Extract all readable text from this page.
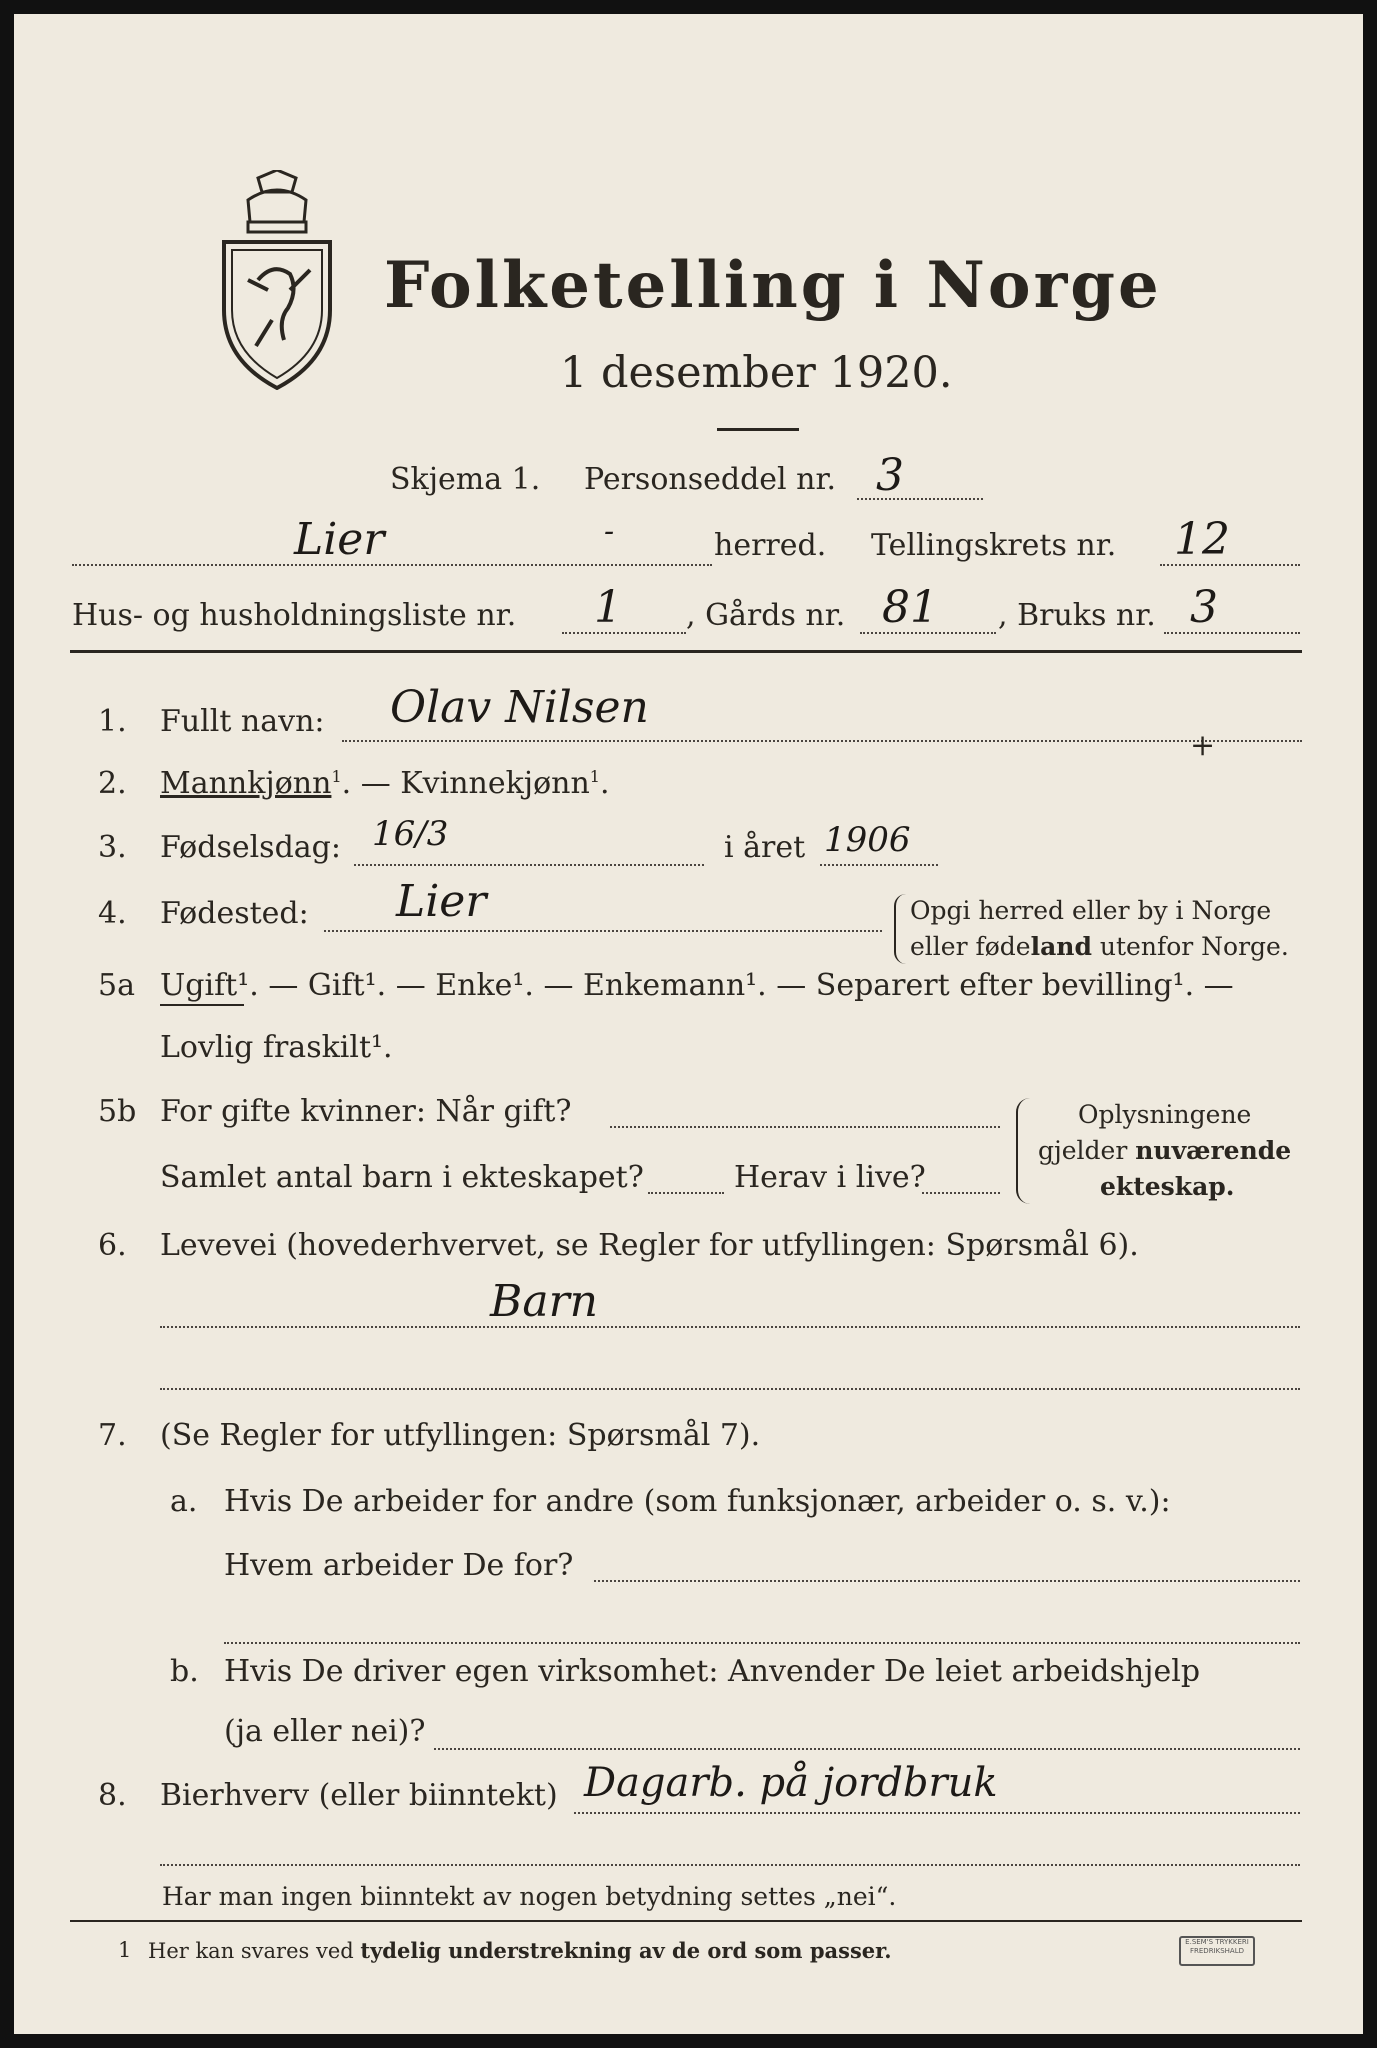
Folketelling i Norge
1 desember 1920.
Skjema 1. Personseddel nr. 3
Lier	-	herred. Tellingskrets nr. 12
Hus- og husholdningsliste nr. 1 , Gårds nr. 81 , Bruks nr. 3
1. Fullt navn: Olav Nilsen
+
2. Mannkjønn$^1$. — Kvinnekjønn$^1$.
3. Fødselsdag: 16/3	i året 1906
4. Fødested: Lier	Opgi herred eller by i Norge
eller fødeland utenfor Norge.
5a Ugift¹. — Gift¹. — Enke¹. — Enkemann¹. — Separert efter bevilling¹. —
Lovlig fraskilt¹.
5b For gifte kvinner: Når gift?
Samlet antal barn i ekteskapet?	Herav i live?
Oplysningene
gjelder nuværende
ekteskap.
6. Levevei (hovederhvervet, se Regler for utfyllingen: Spørsmål 6).
Barn
7. (Se Regler for utfyllingen: Spørsmål 7).
a. Hvis De arbeider for andre (som funksjonær, arbeider o. s. v.):
Hvem arbeider De for?
b. Hvis De driver egen virksomhet: Anvender De leiet arbeidshjelp
(ja eller nei)?
8. Bierhverv (eller biinntekt) Dagarb. på jordbruk
Har man ingen biinntekt av nogen betydning settes „nei“.
1 Her kan svares ved tydelig understrekning av de ord som passer.	E.SEM'S TRYKKERI
FREDRIKSHALD
